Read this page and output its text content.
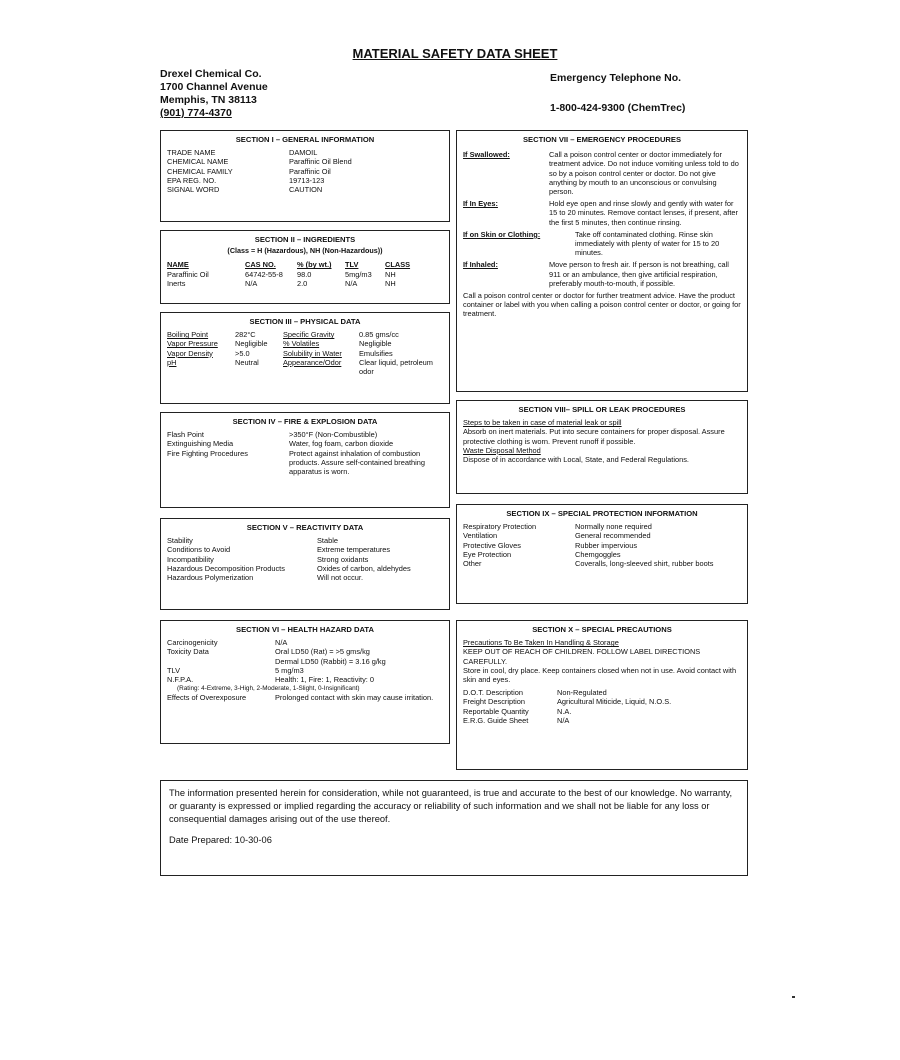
MATERIAL SAFETY DATA SHEET
Drexel Chemical Co.
1700 Channel Avenue
Memphis, TN 38113
(901) 774-4370
Emergency Telephone No.
1-800-424-9300 (ChemTrec)
SECTION I – GENERAL INFORMATION
TRADE NAME	DAMOIL
CHEMICAL NAME	Paraffinic Oil Blend
CHEMICAL FAMILY	Paraffinic Oil
EPA REG. NO.	19713-123
SIGNAL WORD	CAUTION
SECTION II – INGREDIENTS
(Class = H (Hazardous), NH (Non-Hazardous))
NAME	CAS NO.	% (by wt.)	TLV	CLASS
Paraffinic Oil	64742-55-8	98.0	5mg/m3	NH
Inerts	N/A	2.0	N/A	NH
SECTION III – PHYSICAL DATA
Boiling Point	282°C	Specific Gravity	0.85 gms/cc
Vapor Pressure	Negligible	% Volatiles	Negligible
Vapor Density	>5.0	Solubility in Water	Emulsifies
pH	Neutral	Appearance/Odor	Clear liquid, petroleum odor
SECTION IV – FIRE & EXPLOSION DATA
Flash Point	>350°F (Non-Combustible)
Extinguishing Media	Water, fog foam, carbon dioxide
Fire Fighting Procedures	Protect against inhalation of combustion products. Assure self-contained breathing apparatus is worn.
SECTION V – REACTIVITY DATA
Stability	Stable
Conditions to Avoid	Extreme temperatures
Incompatibility	Strong oxidants
Hazardous Decomposition Products	Oxides of carbon, aldehydes
Hazardous Polymerization	Will not occur.
SECTION VI – HEALTH HAZARD DATA
Carcinogenicity	N/A
Toxicity Data	Oral LD50 (Rat) = >5 gms/kg
Dermal LD50 (Rabbit) = 3.16 g/kg
TLV	5 mg/m3
N.F.P.A.	Health: 1, Fire: 1, Reactivity: 0
(Rating: 4-Extreme, 3-High, 2-Moderate, 1-Slight, 0-Insignificant)
Effects of Overexposure	Prolonged contact with skin may cause irritation.
SECTION VII – EMERGENCY PROCEDURES
If Swallowed:	Call a poison control center or doctor immediately for treatment advice. Do not induce vomiting unless told to do so by a poison control center or doctor. Do not give anything by mouth to an unconscious or convulsing person.
If In Eyes:	Hold eye open and rinse slowly and gently with water for 15 to 20 minutes. Remove contact lenses, if present, after the first 5 minutes, then continue rinsing.
If on Skin or Clothing:	Take off contaminated clothing. Rinse skin immediately with plenty of water for 15 to 20 minutes.
If Inhaled:	Move person to fresh air. If person is not breathing, call 911 or an ambulance, then give artificial respiration, preferably mouth-to-mouth, if possible.
Call a poison control center or doctor for further treatment advice. Have the product container or label with you when calling a poison control center or doctor, or going for treatment.
SECTION VIII– SPILL OR LEAK PROCEDURES
Steps to be taken in case of material leak or spill
Absorb on inert materials. Put into secure containers for proper disposal. Assure protective clothing is worn. Prevent runoff if possible.
Waste Disposal Method
Dispose of in accordance with Local, State, and Federal Regulations.
SECTION IX – SPECIAL PROTECTION INFORMATION
Respiratory Protection	Normally none required
Ventilation	General recommended
Protective Gloves	Rubber impervious
Eye Protection	Chemgoggles
Other	Coveralls, long-sleeved shirt, rubber boots
SECTION X – SPECIAL PRECAUTIONS
Precautions To Be Taken In Handling & Storage
KEEP OUT OF REACH OF CHILDREN. FOLLOW LABEL DIRECTIONS CAREFULLY.
Store in cool, dry place. Keep containers closed when not in use. Avoid contact with skin and eyes.
D.O.T. Description	Non-Regulated
Freight Description	Agricultural Miticide, Liquid, N.O.S.
Reportable Quantity	N.A.
E.R.G. Guide Sheet	N/A
The information presented herein for consideration, while not guaranteed, is true and accurate to the best of our knowledge. No warranty, or guaranty is expressed or implied regarding the accuracy or reliability of such information and we shall not be liable for any loss or consequential damages arising out of the use thereof.
Date Prepared: 10-30-06
